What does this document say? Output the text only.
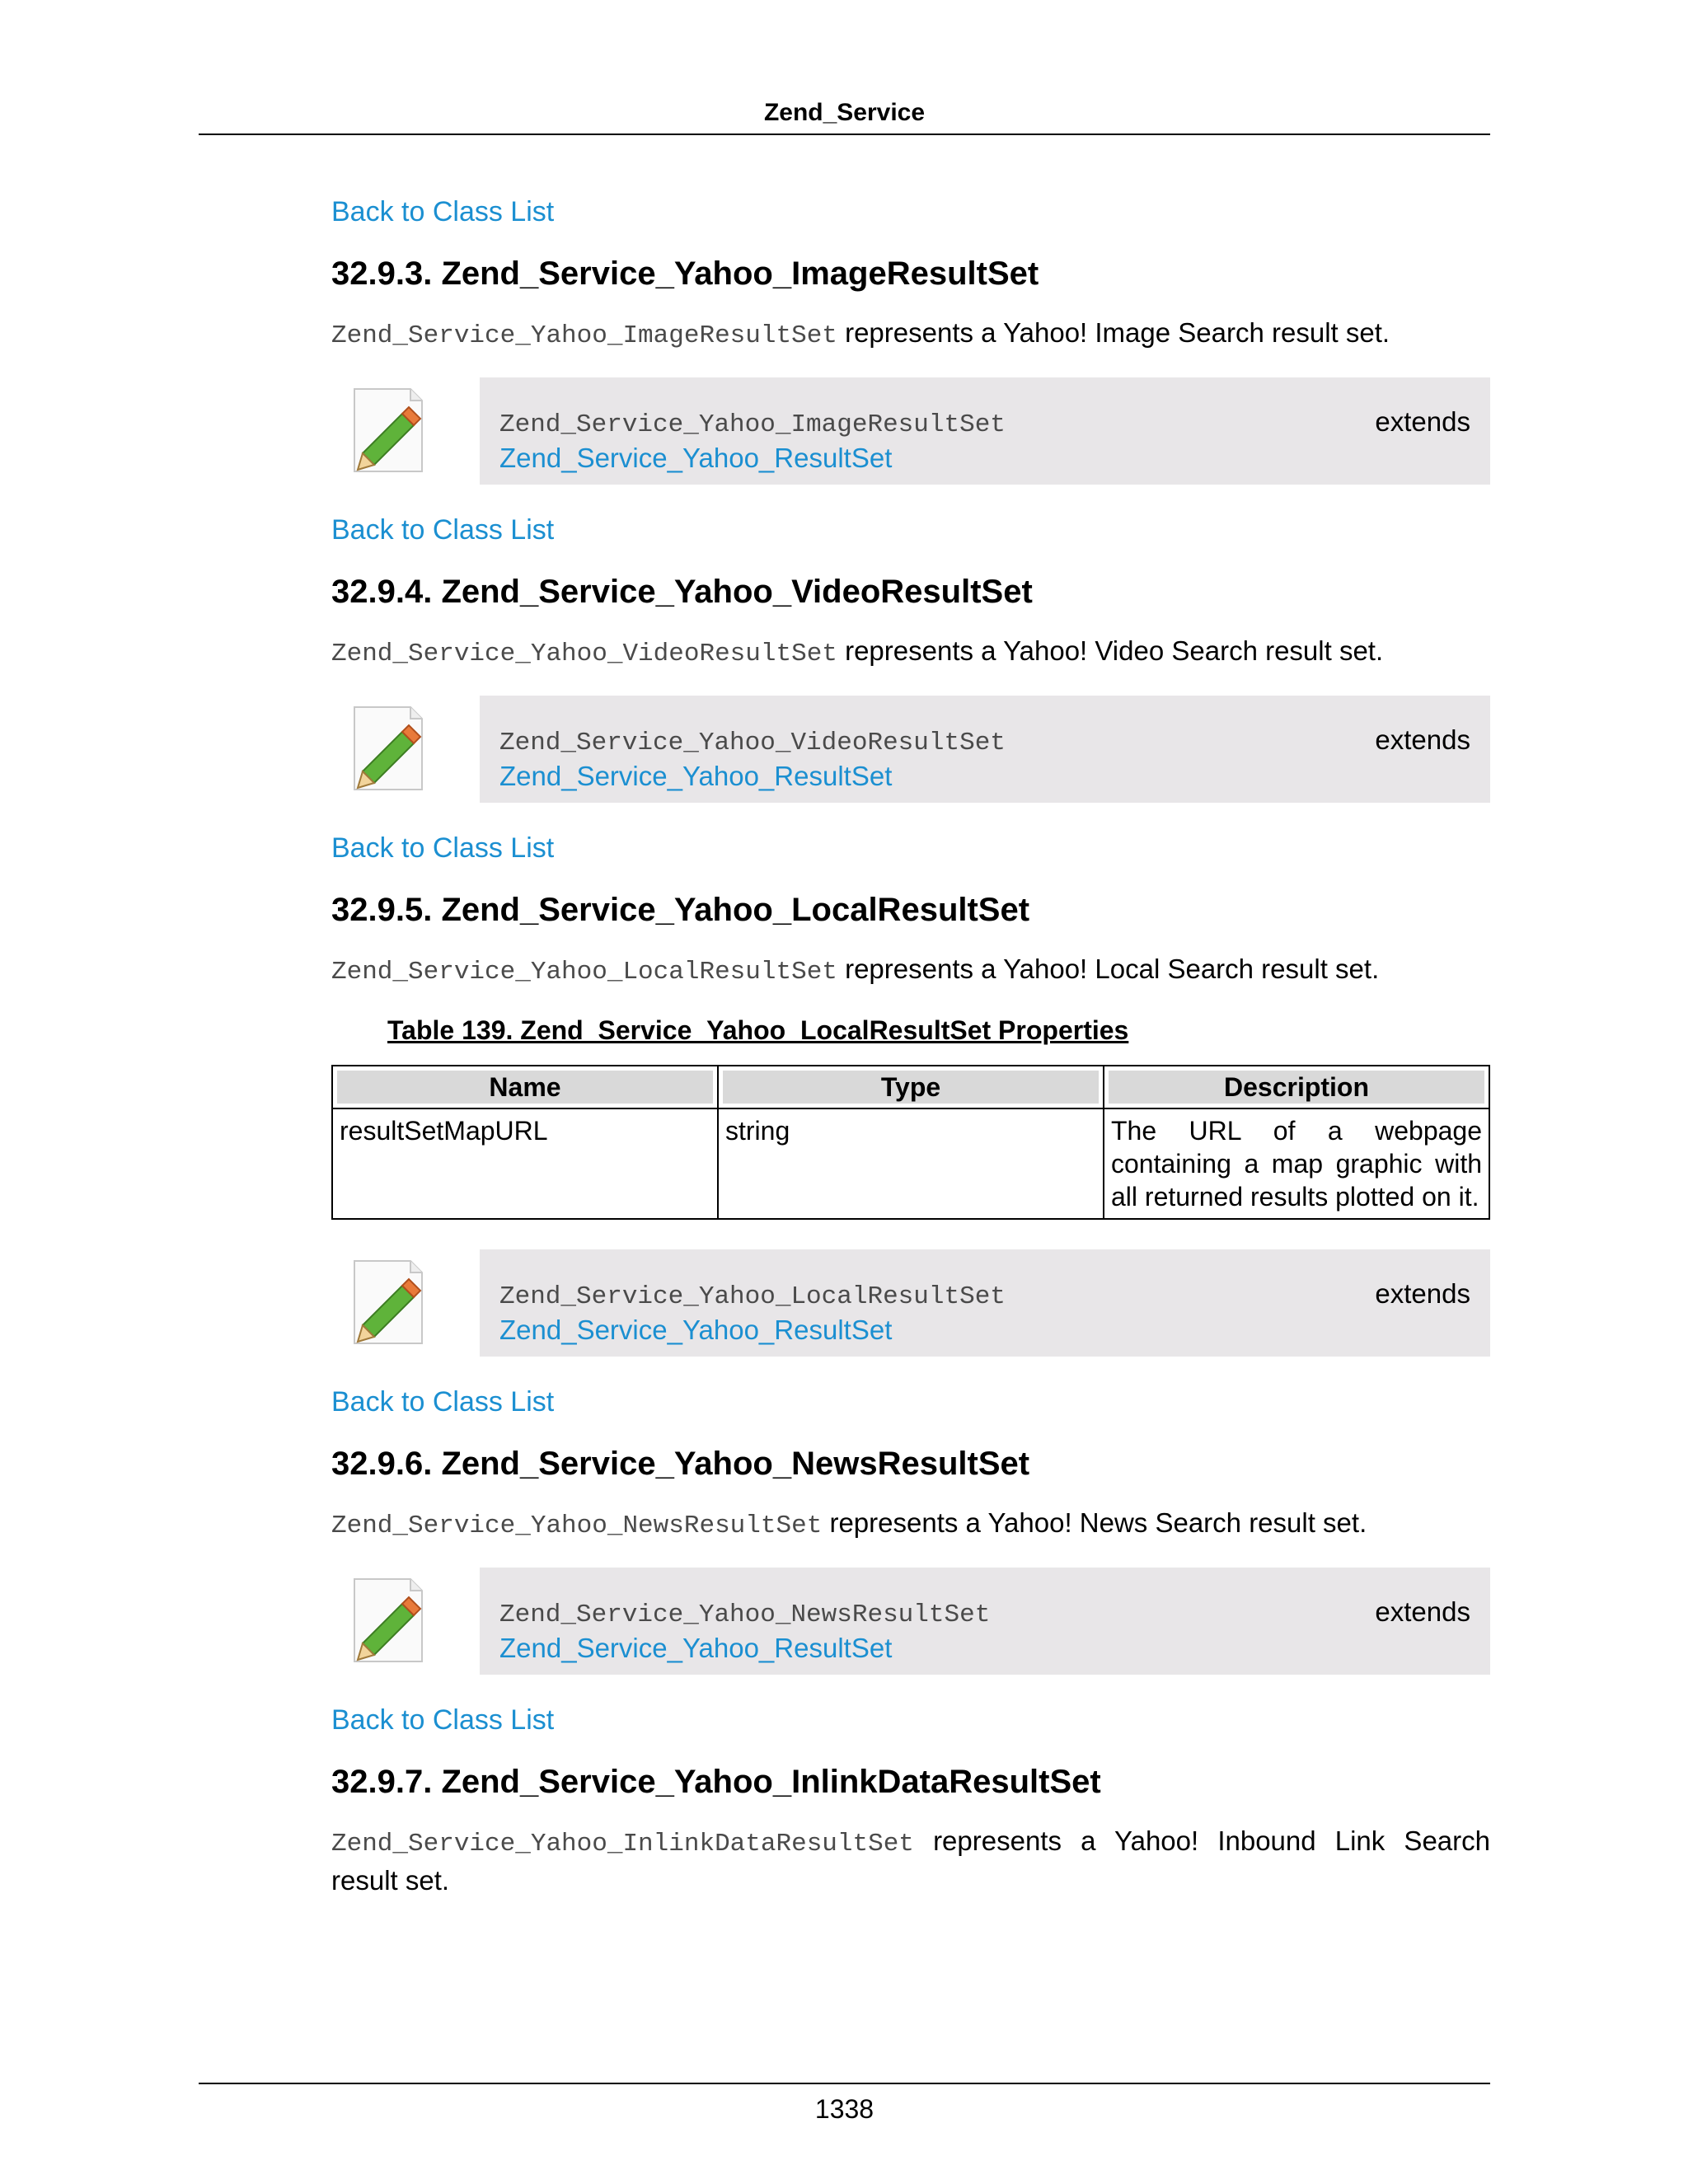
Zend_Service
Back to Class List
32.9.3. Zend_Service_Yahoo_ImageResultSet

Zend_Service_Yahoo_ImageResultSet represents a Yahoo! Image Search result set.

Zend_Service_Yahoo_ImageResultSet	extends
Zend_Service_Yahoo_ResultSet
Back to Class List
32.9.4. Zend_Service_Yahoo_VideoResultSet

Zend_Service_Yahoo_VideoResultSet represents a Yahoo! Video Search result set.

Zend_Service_Yahoo_VideoResultSet	extends
Zend_Service_Yahoo_ResultSet
Back to Class List
32.9.5. Zend_Service_Yahoo_LocalResultSet

Zend_Service_Yahoo_LocalResultSet represents a Yahoo! Local Search result set.

Table 139. Zend_Service_Yahoo_LocalResultSet Properties
Name	Type	Description
resultSetMapURL	string	The URL of a webpage containing a map graphic with all returned results plotted on it.
Zend_Service_Yahoo_LocalResultSet	extends
Zend_Service_Yahoo_ResultSet
Back to Class List
32.9.6. Zend_Service_Yahoo_NewsResultSet

Zend_Service_Yahoo_NewsResultSet represents a Yahoo! News Search result set.

Zend_Service_Yahoo_NewsResultSet	extends
Zend_Service_Yahoo_ResultSet
Back to Class List
32.9.7. Zend_Service_Yahoo_InlinkDataResultSet

Zend_Service_Yahoo_InlinkDataResultSet represents a Yahoo! Inbound Link Search result set.

1338
